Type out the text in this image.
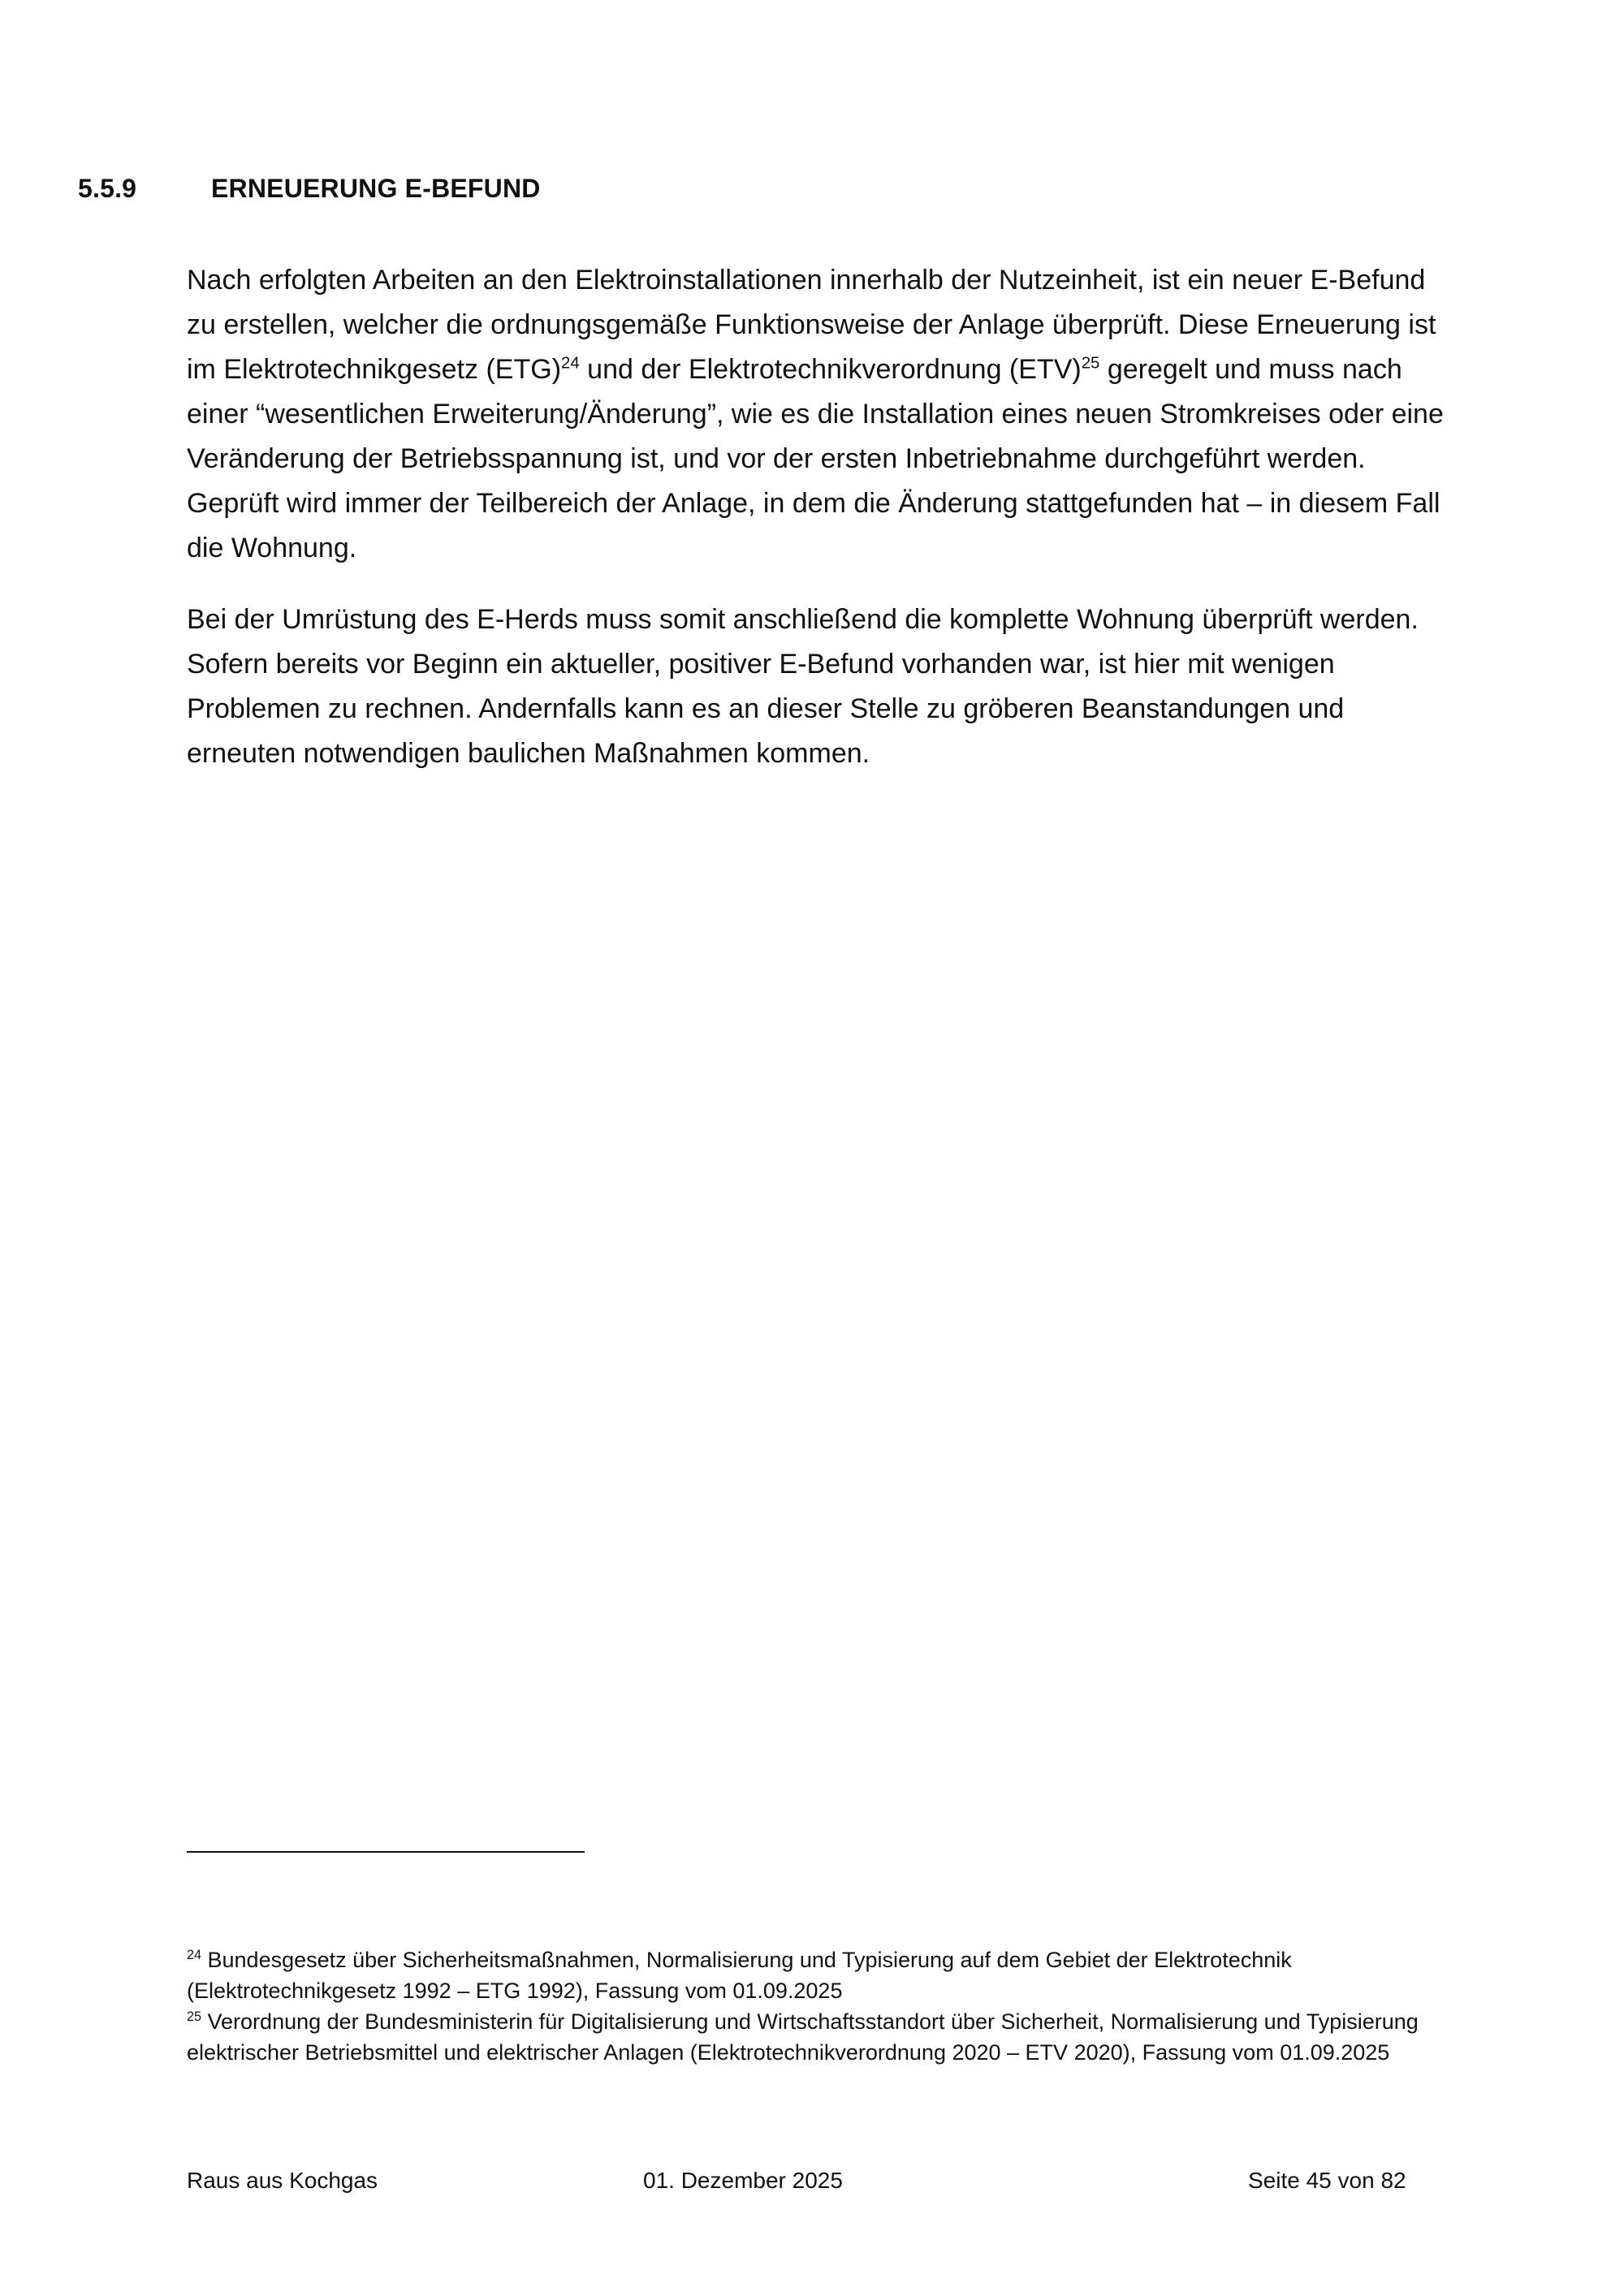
5.5.9	ERNEUERUNG E-BEFUND

Nach erfolgten Arbeiten an den Elektroinstallationen innerhalb der Nutzeinheit, ist ein neuer E-Befund zu erstellen, welcher die ordnungsgemäße Funktionsweise der Anlage überprüft. Diese Erneuerung ist im Elektrotechnikgesetz (ETG)$^{24}$ und der Elektrotechnikverordnung (ETV)$^{25}$ geregelt und muss nach einer “wesentlichen Erweiterung/Änderung”, wie es die Installation eines neuen Stromkreises oder eine Veränderung der Betriebsspannung ist, und vor der ersten Inbetriebnahme durchgeführt werden. Geprüft wird immer der Teilbereich der Anlage, in dem die Änderung stattgefunden hat – in diesem Fall die Wohnung.

Bei der Umrüstung des E-Herds muss somit anschließend die komplette Wohnung überprüft werden. Sofern bereits vor Beginn ein aktueller, positiver E-Befund vorhanden war, ist hier mit wenigen Problemen zu rechnen. Andernfalls kann es an dieser Stelle zu gröberen Beanstandungen und erneuten notwendigen baulichen Maßnahmen kommen.

$^{24}$ Bundesgesetz über Sicherheitsmaßnahmen, Normalisierung und Typisierung auf dem Gebiet der Elektrotechnik (Elektrotechnikgesetz 1992 – ETG 1992), Fassung vom 01.09.2025

$^{25}$ Verordnung der Bundesministerin für Digitalisierung und Wirtschaftsstandort über Sicherheit, Normalisierung und Typisierung elektrischer Betriebsmittel und elektrischer Anlagen (Elektrotechnikverordnung 2020 – ETV 2020), Fassung vom 01.09.2025

Raus aus Kochgas	01. Dezember 2025	Seite 45 von 82
